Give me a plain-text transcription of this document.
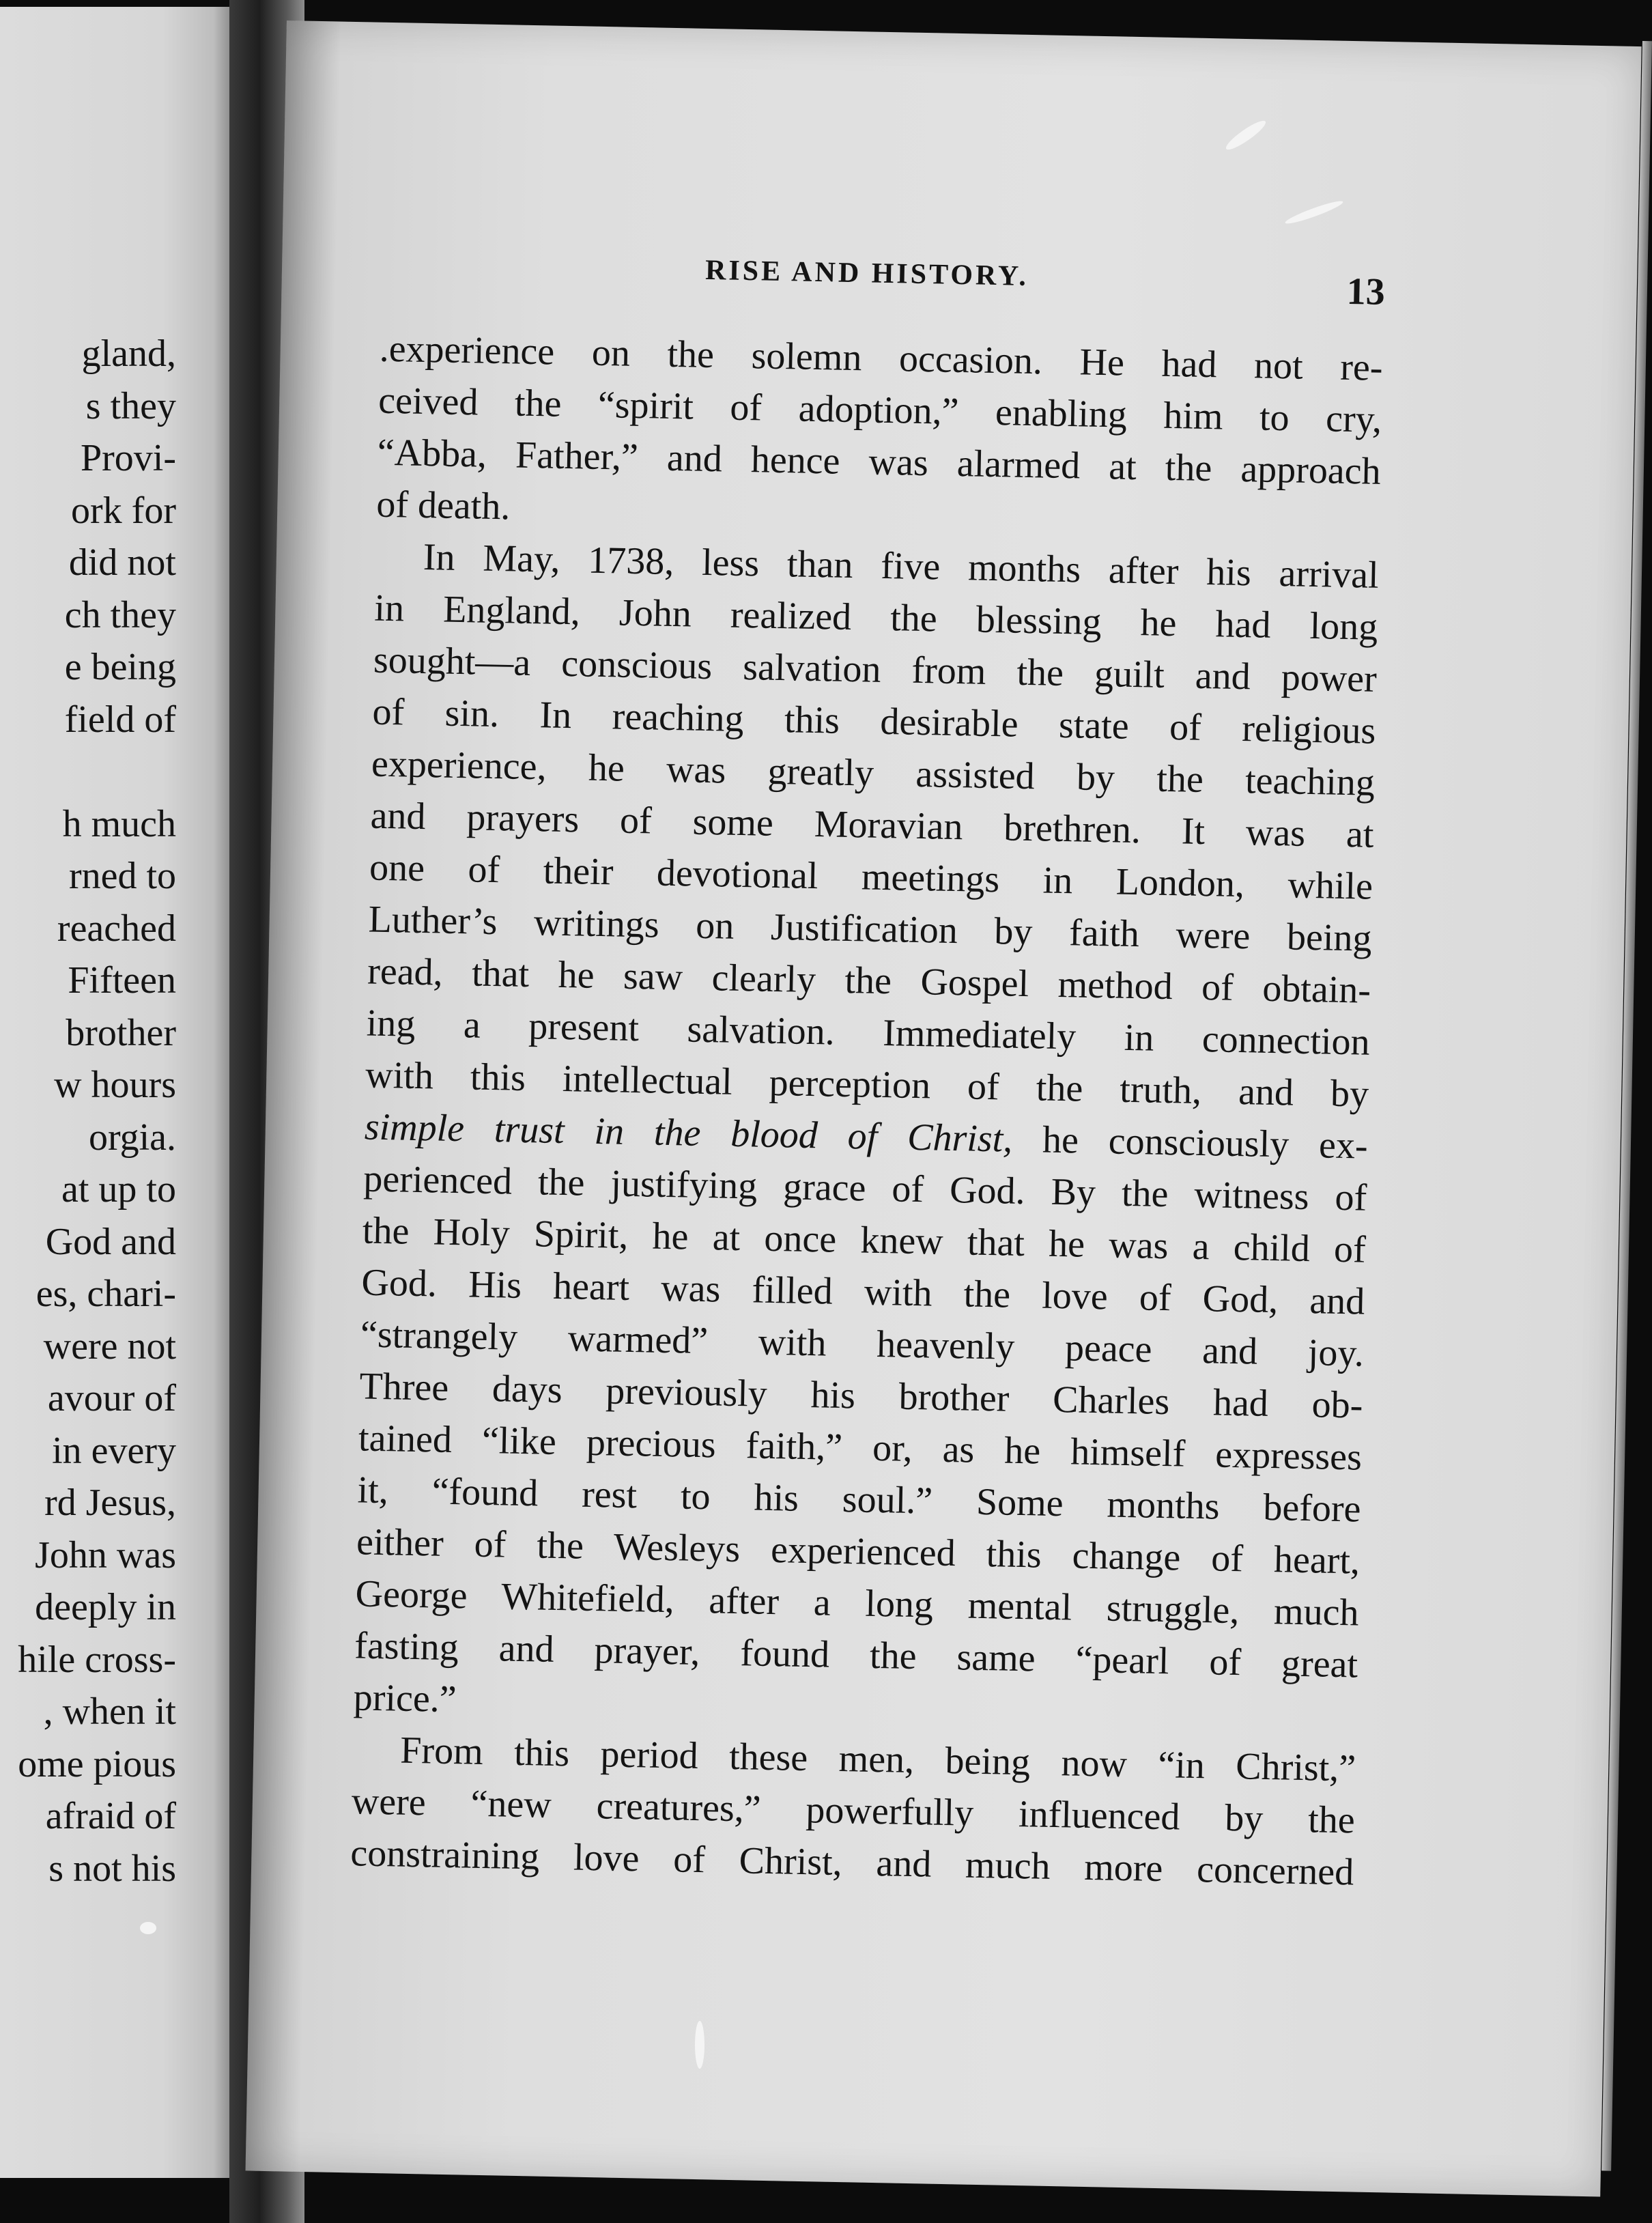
gland,
s they
Provi-
ork for
did not
ch they
e being
field of
h much
rned to
reached
Fifteen
brother
w hours
orgia.
at up to
God and
es, chari-
were not
avour of
in every
rd Jesus,
John was
deeply in
hile cross-
, when it
ome pious
afraid of
s not his
RISE AND HISTORY.	13

.experience on the solemn occasion. He had not re-
ceived the “spirit of adoption,” enabling him to cry,
“Abba, Father,” and hence was alarmed at the approach
of death.

In May, 1738, less than five months after his arrival
in England, John realized the blessing he had long
sought—a conscious salvation from the guilt and power
of sin. In reaching this desirable state of religious
experience, he was greatly assisted by the teaching
and prayers of some Moravian brethren. It was at
one of their devotional meetings in London, while
Luther’s writings on Justification by faith were being
read, that he saw clearly the Gospel method of obtain-
ing a present salvation. Immediately in connection
with this intellectual perception of the truth, and by
simple trust in the blood of Christ, he consciously ex-
perienced the justifying grace of God. By the witness of
the Holy Spirit, he at once knew that he was a child of
God. His heart was filled with the love of God, and
“strangely warmed” with heavenly peace and joy.
Three days previously his brother Charles had ob-
tained “like precious faith,” or, as he himself expresses
it, “found rest to his soul.” Some months before
either of the Wesleys experienced this change of heart,
George Whitefield, after a long mental struggle, much
fasting and prayer, found the same “pearl of great
price.”

From this period these men, being now “in Christ,”
were “new creatures,” powerfully influenced by the
constraining love of Christ, and much more concerned
